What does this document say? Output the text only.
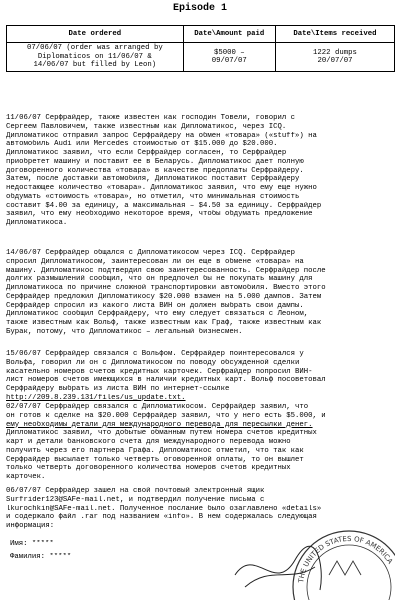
Episode 1
Date ordered	Date\Amount paid	Date\Items received
07/06/07 (order was arranged by
Diplomaticos on 11/06/07 &
14/06/07 but filled by Leon)	$5000 –
09/07/07	1222 dumps
20/07/07
11/06/07 Серфрайдер, также известен как господин Товели, говорил с
Сергеем Павловичем, также известным как Дипломатикос, через ICQ.
Дипломатикос отправил запрос Серфрайдеру на обмен «товара» («stuff») на
автомобиль Audi или Mercedes стоимостью от $15.000 до $20.000.
Дипломатикос заявил, что если Серфрайдер согласен, то Серфрайдер
приобретет машину и поставит ее в Беларусь. Дипломатикос дает полную
договоренного количества «товара» в качестве предоплаты Серфрайдеру.
Затем, после доставки автомобиля, Дипломатикос поставит Серфрайдеру
недостающее количество «товара». Дипломатикос заявил, что ему еще нужно
обдумать «стоимость «товара», но отметил, что минимальная стоимость
составит $4.00 за единицу, а максимальная – $4.50 за единицу. Серфрайдер
заявил, что ему необходимо некоторое время, чтобы обдумать предложение
Дипломатикоса.
14/06/07 Серфрайдер общался с Дипломатикосом через ICQ. Серфрайдер
спросил Дипломатикосом, заинтересован ли он еще в обмене «товара» на
машину. Дипломатикос подтвердил свою заинтересованность. Серфрайдер после
долгих размышлений сообщил, что он предпочел бы не покупать машину для
Дипломатикоса по причине сложной транспортировки автомобиля. Вместо этого
Серфрайдер предложил Дипломатикосу $20.000 взамен на 5.000 дампов. Затем
Серфрайдер спросил из какого листа BИН он должен выбрать свои дампы.
Дипломатикос сообщил Серфрайдеру, что ему следует связаться с Леоном,
также известным как Вольф, также известным как Граф, также известным как
Бурак, потому, что Дипломатикос – легальный бизнесмен.
15/06/07 Серфрайдер связался с Вольфом. Серфрайдер поинтересовался у
Вольфа, говорил ли он с Дипломатикосом по поводу обсужденной сделки
касательно номеров счетов кредитных карточек. Серфрайдер попросил BИН-
лист номеров счетов имеющихся в наличии кредитных карт. Вольф посоветовал
Серфрайдеру выбрать из листа BИН по интернет-ссылке
http://209.8.239.131/files/us_update.txt.
02/07/07 Серфрайдер связался с Дипломатикосом. Серфрайдер заявил, что
он готов к сделке на $20.000 Серфрайдер заявил, что у него есть $5.000, и
ему необходимы детали для международного перевода для пересылки денег.
Дипломатикос заявил, что добытые обманным путем номера счетов кредитных
карт и детали банковского счета для международного перевода можно
получить через его партнера Графа. Дипломатикос отметил, что так как
Серфрайдер высылает только четверть оговоренной оплаты, то он вышлет
только четверть договоренного количества номеров счетов кредитных
карточек.
06/07/07 Серфрайдер зашел на свой почтовый электронный ящик
Surfrider123@SAFe-mail.net, и подтвердил получение письма с
lkurochkin@SAFe-mail.net. Полученное послание было озаглавлено «details»
и содержало файл .rar под названием «info». В нем содержалась следующая
информация:
Имя: *****
Фамилия: *****
THE UNITED STATES OF AMERICA
